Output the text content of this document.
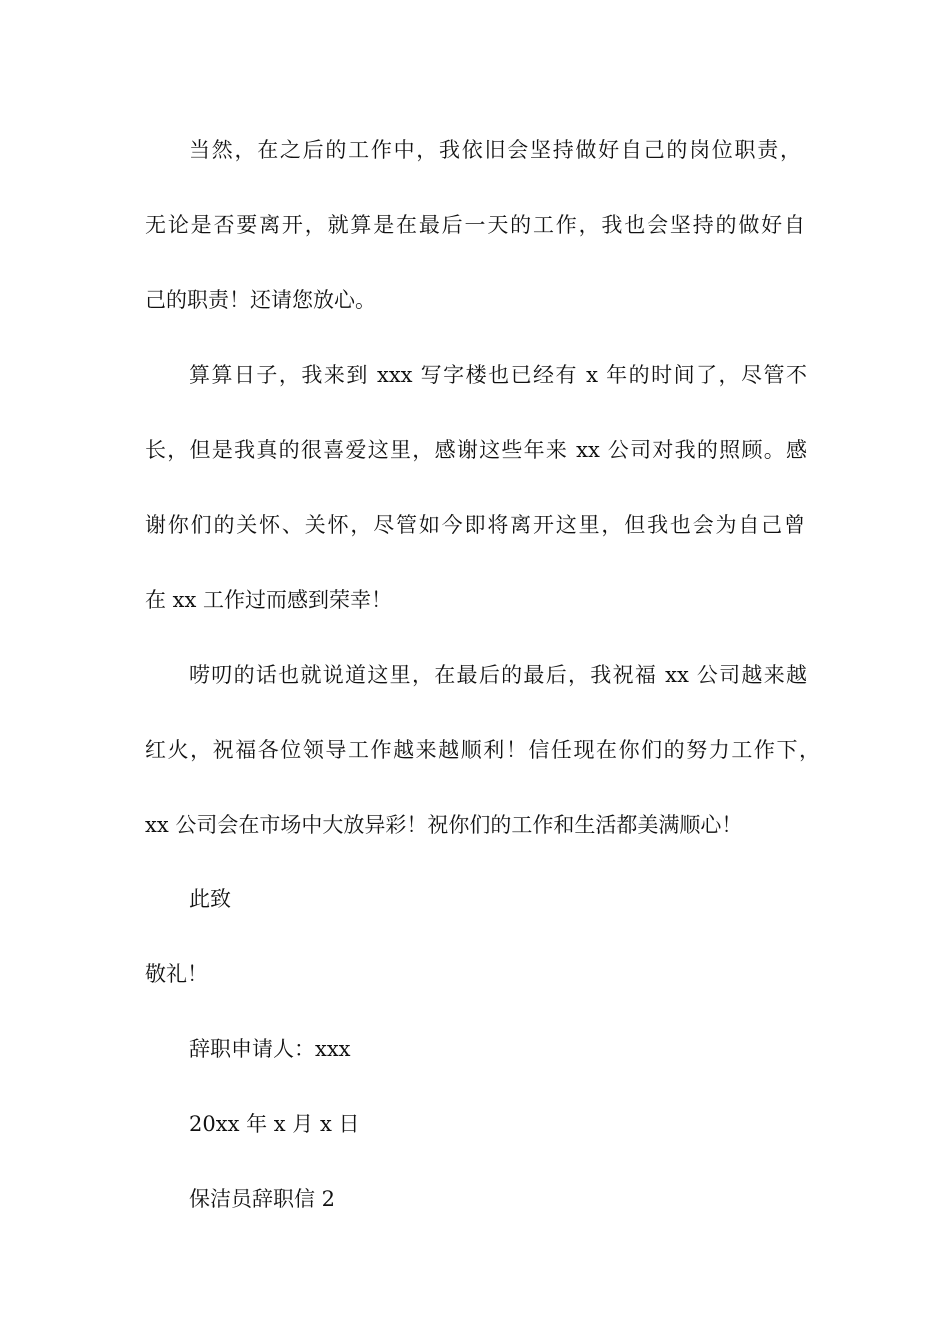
当然，在之后的工作中，我依旧会坚持做好自己的岗位职责，
无论是否要离开，就算是在最后一天的工作，我也会坚持的做好自
己的职责！还请您放心。
算算日子，我来到 xxx 写字楼也已经有 x 年的时间了，尽管不
长，但是我真的很喜爱这里，感谢这些年来 xx 公司对我的照顾。感
谢你们的关怀、关怀，尽管如今即将离开这里，但我也会为自己曾
在 xx 工作过而感到荣幸！
唠叨的话也就说道这里，在最后的最后，我祝福 xx 公司越来越
红火，祝福各位领导工作越来越顺利！信任现在你们的努力工作下，
xx 公司会在市场中大放异彩！祝你们的工作和生活都美满顺心！
此致
敬礼！
辞职申请人：xxx
20xx 年 x 月 x 日
保洁员辞职信 2
